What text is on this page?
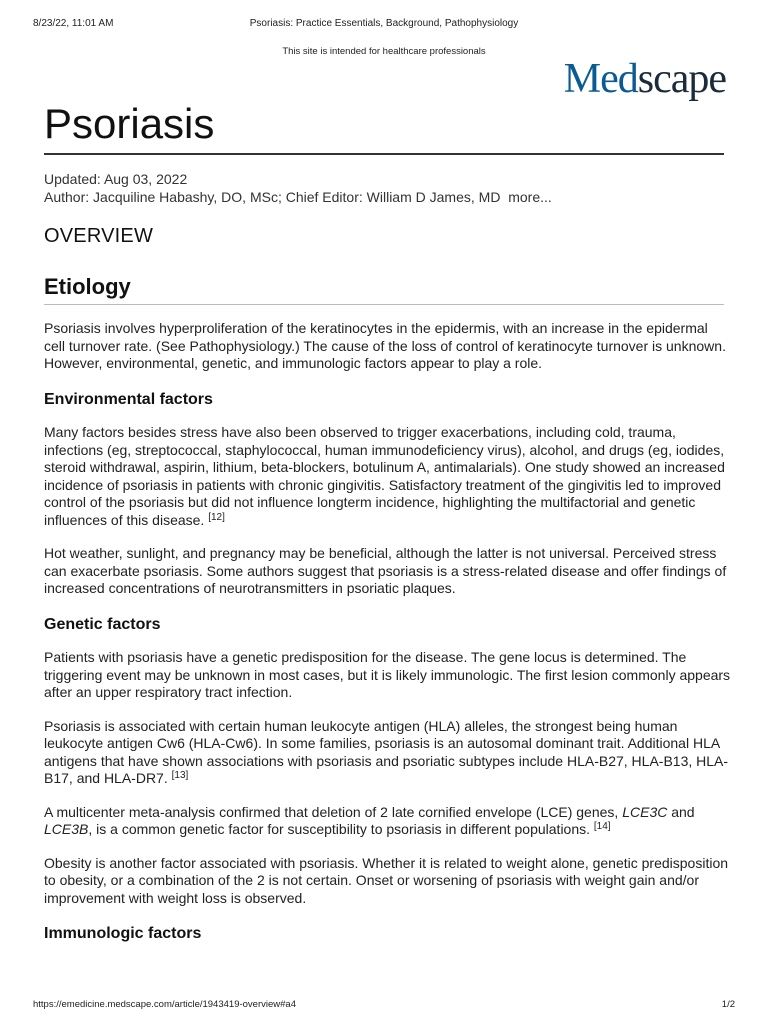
8/23/22, 11:01 AM	Psoriasis: Practice Essentials, Background, Pathophysiology
This site is intended for healthcare professionals
Medscape
Psoriasis
Updated: Aug 03, 2022
Author: Jacquiline Habashy, DO, MSc; Chief Editor: William D James, MD more...
OVERVIEW
Etiology

Psoriasis involves hyperproliferation of the keratinocytes in the epidermis, with an increase in the epidermal cell turnover rate. (See Pathophysiology.) The cause of the loss of control of keratinocyte turnover is unknown. However, environmental, genetic, and immunologic factors appear to play a role.

Environmental factors

Many factors besides stress have also been observed to trigger exacerbations, including cold, trauma, infections (eg, streptococcal, staphylococcal, human immunodeficiency virus), alcohol, and drugs (eg, iodides, steroid withdrawal, aspirin, lithium, beta-blockers, botulinum A, antimalarials). One study showed an increased incidence of psoriasis in patients with chronic gingivitis. Satisfactory treatment of the gingivitis led to improved control of the psoriasis but did not influence longterm incidence, highlighting the multifactorial and genetic influences of this disease. [12]

Hot weather, sunlight, and pregnancy may be beneficial, although the latter is not universal. Perceived stress can exacerbate psoriasis. Some authors suggest that psoriasis is a stress-related disease and offer findings of increased concentrations of neurotransmitters in psoriatic plaques.

Genetic factors

Patients with psoriasis have a genetic predisposition for the disease. The gene locus is determined. The triggering event may be unknown in most cases, but it is likely immunologic. The first lesion commonly appears after an upper respiratory tract infection.

Psoriasis is associated with certain human leukocyte antigen (HLA) alleles, the strongest being human leukocyte antigen Cw6 (HLA-Cw6). In some families, psoriasis is an autosomal dominant trait. Additional HLA antigens that have shown associations with psoriasis and psoriatic subtypes include HLA-B27, HLA-B13, HLA-B17, and HLA-DR7. [13]

A multicenter meta-analysis confirmed that deletion of 2 late cornified envelope (LCE) genes, LCE3C and LCE3B, is a common genetic factor for susceptibility to psoriasis in different populations. [14]

Obesity is another factor associated with psoriasis. Whether it is related to weight alone, genetic predisposition to obesity, or a combination of the 2 is not certain. Onset or worsening of psoriasis with weight gain and/or improvement with weight loss is observed.

Immunologic factors
https://emedicine.medscape.com/article/1943419-overview#a4	1/2
